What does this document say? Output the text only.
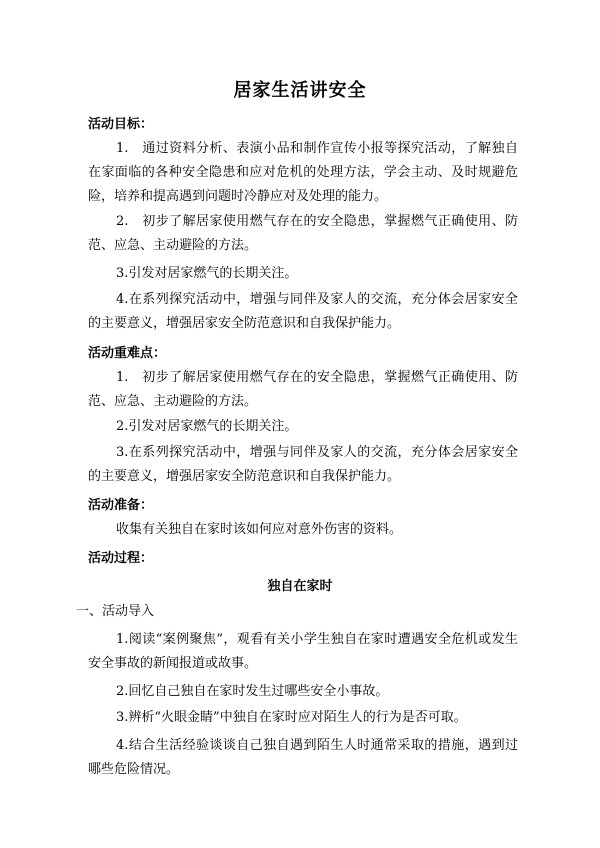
居家生活讲安全
活动目标：
1.　通过资料分析、表演小品和制作宣传小报等探究活动，了解独自在家面临的各种安全隐患和应对危机的处理方法，学会主动、及时规避危险，培养和提高遇到问题时冷静应对及处理的能力。
2.　初步了解居家使用燃气存在的安全隐患，掌握燃气正确使用、防范、应急、主动避险的方法。
3.引发对居家燃气的长期关注。
4.在系列探究活动中，增强与同伴及家人的交流，充分体会居家安全的主要意义，增强居家安全防范意识和自我保护能力。
活动重难点：
1.　初步了解居家使用燃气存在的安全隐患，掌握燃气正确使用、防范、应急、主动避险的方法。
2.引发对居家燃气的长期关注。
3.在系列探究活动中，增强与同伴及家人的交流，充分体会居家安全的主要意义，增强居家安全防范意识和自我保护能力。
活动准备：
收集有关独自在家时该如何应对意外伤害的资料。
活动过程：
独自在家时
一、活动导入
1.阅读“案例聚焦”，观看有关小学生独自在家时遭遇安全危机或发生安全事故的新闻报道或故事。
2.回忆自己独自在家时发生过哪些安全小事故。
3.辨析“火眼金睛”中独自在家时应对陌生人的行为是否可取。
4.结合生活经验谈谈自己独自遇到陌生人时通常采取的措施，遇到过哪些危险情况。
